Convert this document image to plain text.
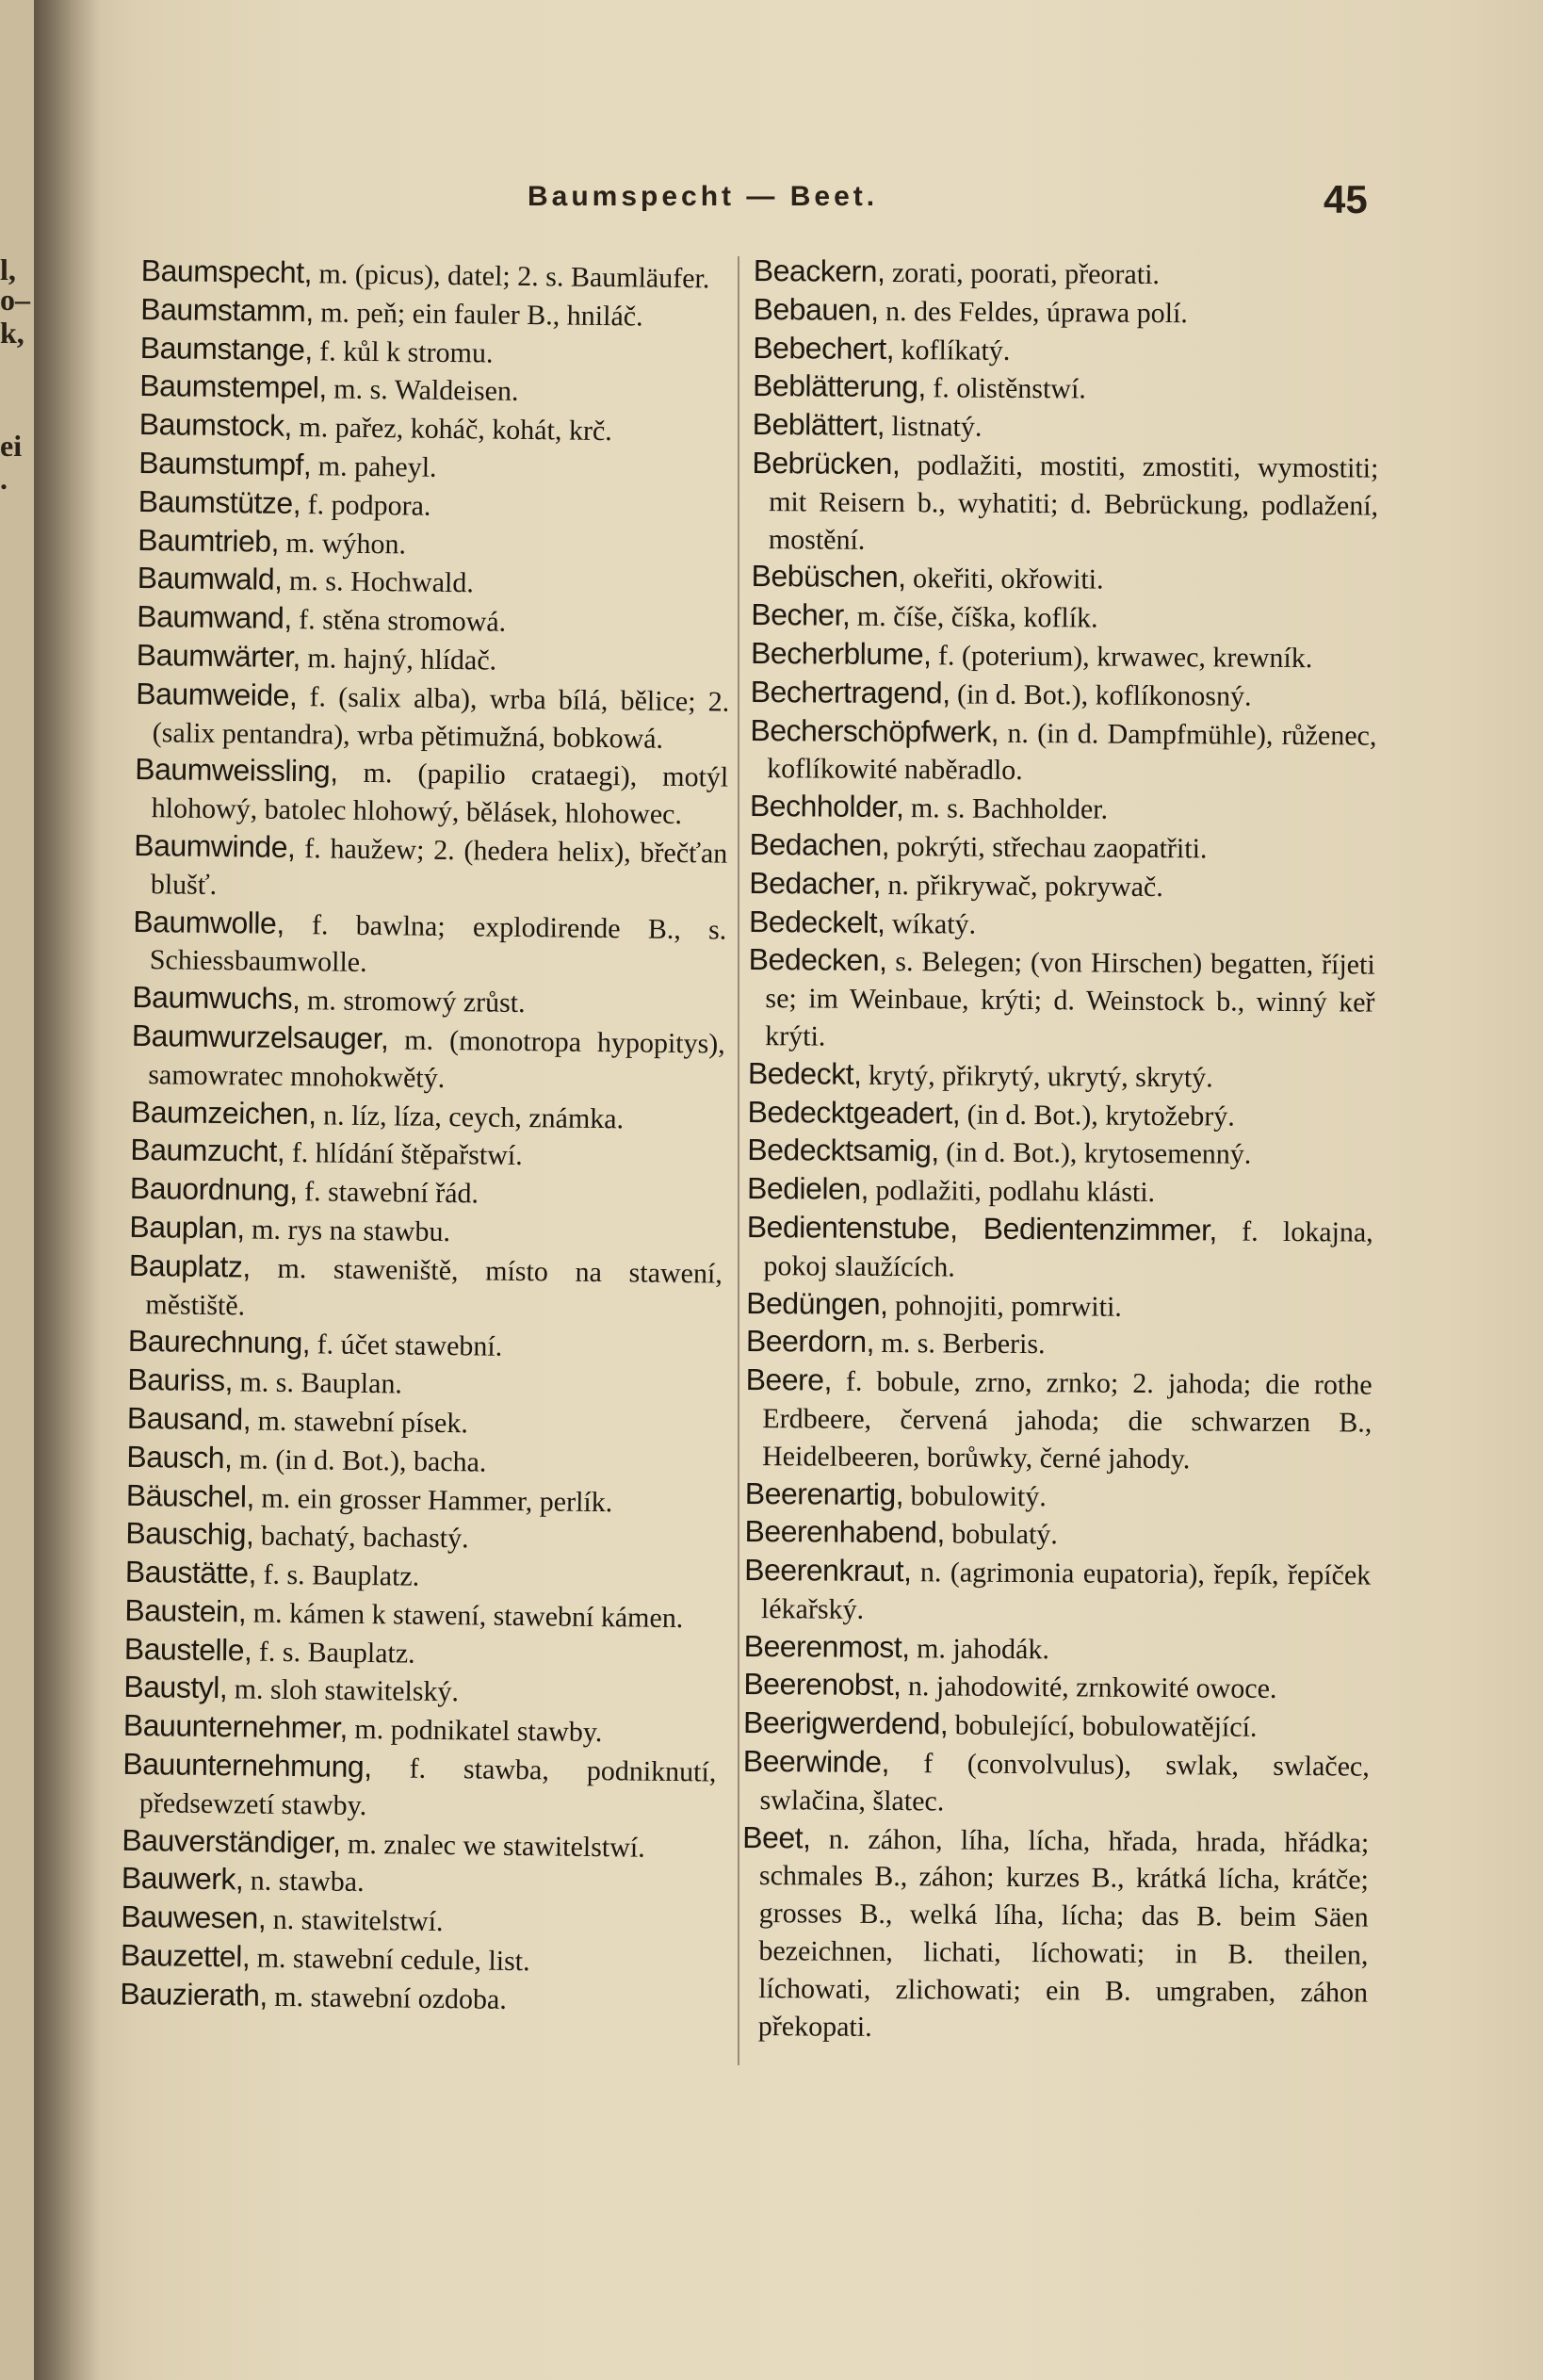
l,
o–
k,
ei
.
Baumspecht — Beet.	45
Baumspecht, m. (picus), datel; 2. s. Baumläufer.
Baumstamm, m. peň; ein fauler B., hniláč.
Baumstange, f. kůl k stromu.
Baumstempel, m. s. Waldeisen.
Baumstock, m. pařez, koháč, kohát, krč.
Baumstumpf, m. paheyl.
Baumstütze, f. podpora.
Baumtrieb, m. wýhon.
Baumwald, m. s. Hochwald.
Baumwand, f. stěna stromowá.
Baumwärter, m. hajný, hlídač.
Baumweide, f. (salix alba), wrba bílá, bělice; 2. (salix pentandra), wrba pětimužná, bobkowá.
Baumweissling, m. (papilio crataegi), motýl hlohowý, batolec hlohowý, bělásek, hlohowec.
Baumwinde, f. haužew; 2. (hedera helix), břečťan blušť.
Baumwolle, f. bawlna; explodirende B., s. Schiessbaumwolle.
Baumwuchs, m. stromowý zrůst.
Baumwurzelsauger, m. (monotropa hypopitys), samowratec mnohokwětý.
Baumzeichen, n. líz, líza, ceych, známka.
Baumzucht, f. hlídání štěpařstwí.
Bauordnung, f. stawební řád.
Bauplan, m. rys na stawbu.
Bauplatz, m. staweniště, místo na stawení, městiště.
Baurechnung, f. účet stawební.
Bauriss, m. s. Bauplan.
Bausand, m. stawební písek.
Bausch, m. (in d. Bot.), bacha.
Bäuschel, m. ein grosser Hammer, perlík.
Bauschig, bachatý, bachastý.
Baustätte, f. s. Bauplatz.
Baustein, m. kámen k stawení, stawební kámen.
Baustelle, f. s. Bauplatz.
Baustyl, m. sloh stawitelský.
Bauunternehmer, m. podnikatel stawby.
Bauunternehmung, f. stawba, podniknutí, předsewzetí stawby.
Bauverständiger, m. znalec we stawitelstwí.
Bauwerk, n. stawba.
Bauwesen, n. stawitelstwí.
Bauzettel, m. stawební cedule, list.
Bauzierath, m. stawební ozdoba.
Beackern, zorati, poorati, přeorati.
Bebauen, n. des Feldes, úprawa polí.
Bebechert, koflíkatý.
Beblätterung, f. olistěnstwí.
Beblättert, listnatý.
Bebrücken, podlažiti, mostiti, zmostiti, wymostiti; mit Reisern b., wyhatiti; d. Bebrückung, podlažení, mostění.
Bebüschen, okeřiti, okřowiti.
Becher, m. číše, číška, koflík.
Becherblume, f. (poterium), krwawec, krewník.
Bechertragend, (in d. Bot.), koflíkonosný.
Becherschöpfwerk, n. (in d. Dampfmühle), růženec, koflíkowité naběradlo.
Bechholder, m. s. Bachholder.
Bedachen, pokrýti, střechau zaopatřiti.
Bedacher, n. přikrywač, pokrywač.
Bedeckelt, wíkatý.
Bedecken, s. Belegen; (von Hirschen) begatten, říjeti se; im Weinbaue, krýti; d. Weinstock b., winný keř krýti.
Bedeckt, krytý, přikrytý, ukrytý, skrytý.
Bedecktgeadert, (in d. Bot.), krytožebrý.
Bedecktsamig, (in d. Bot.), krytosemenný.
Bedielen, podlažiti, podlahu klásti.
Bedientenstube, Bedientenzimmer, f. lokajna, pokoj slaužících.
Bedüngen, pohnojiti, pomrwiti.
Beerdorn, m. s. Berberis.
Beere, f. bobule, zrno, zrnko; 2. jahoda; die rothe Erdbeere, červená jahoda; die schwarzen B., Heidelbeeren, borůwky, černé jahody.
Beerenartig, bobulowitý.
Beerenhabend, bobulatý.
Beerenkraut, n. (agrimonia eupatoria), řepík, řepíček lékařský.
Beerenmost, m. jahodák.
Beerenobst, n. jahodowité, zrnkowité owoce.
Beerigwerdend, bobulející, bobulowatějící.
Beerwinde, f (convolvulus), swlak, swlačec, swlačina, šlatec.
Beet, n. záhon, líha, lícha, hřada, hrada, hřádka; schmales B., záhon; kurzes B., krátká lícha, krátče; grosses B., welká líha, lícha; das B. beim Säen bezeichnen, lichati, líchowati; in B. theilen, líchowati, zlichowati; ein B. umgraben, záhon překopati.
